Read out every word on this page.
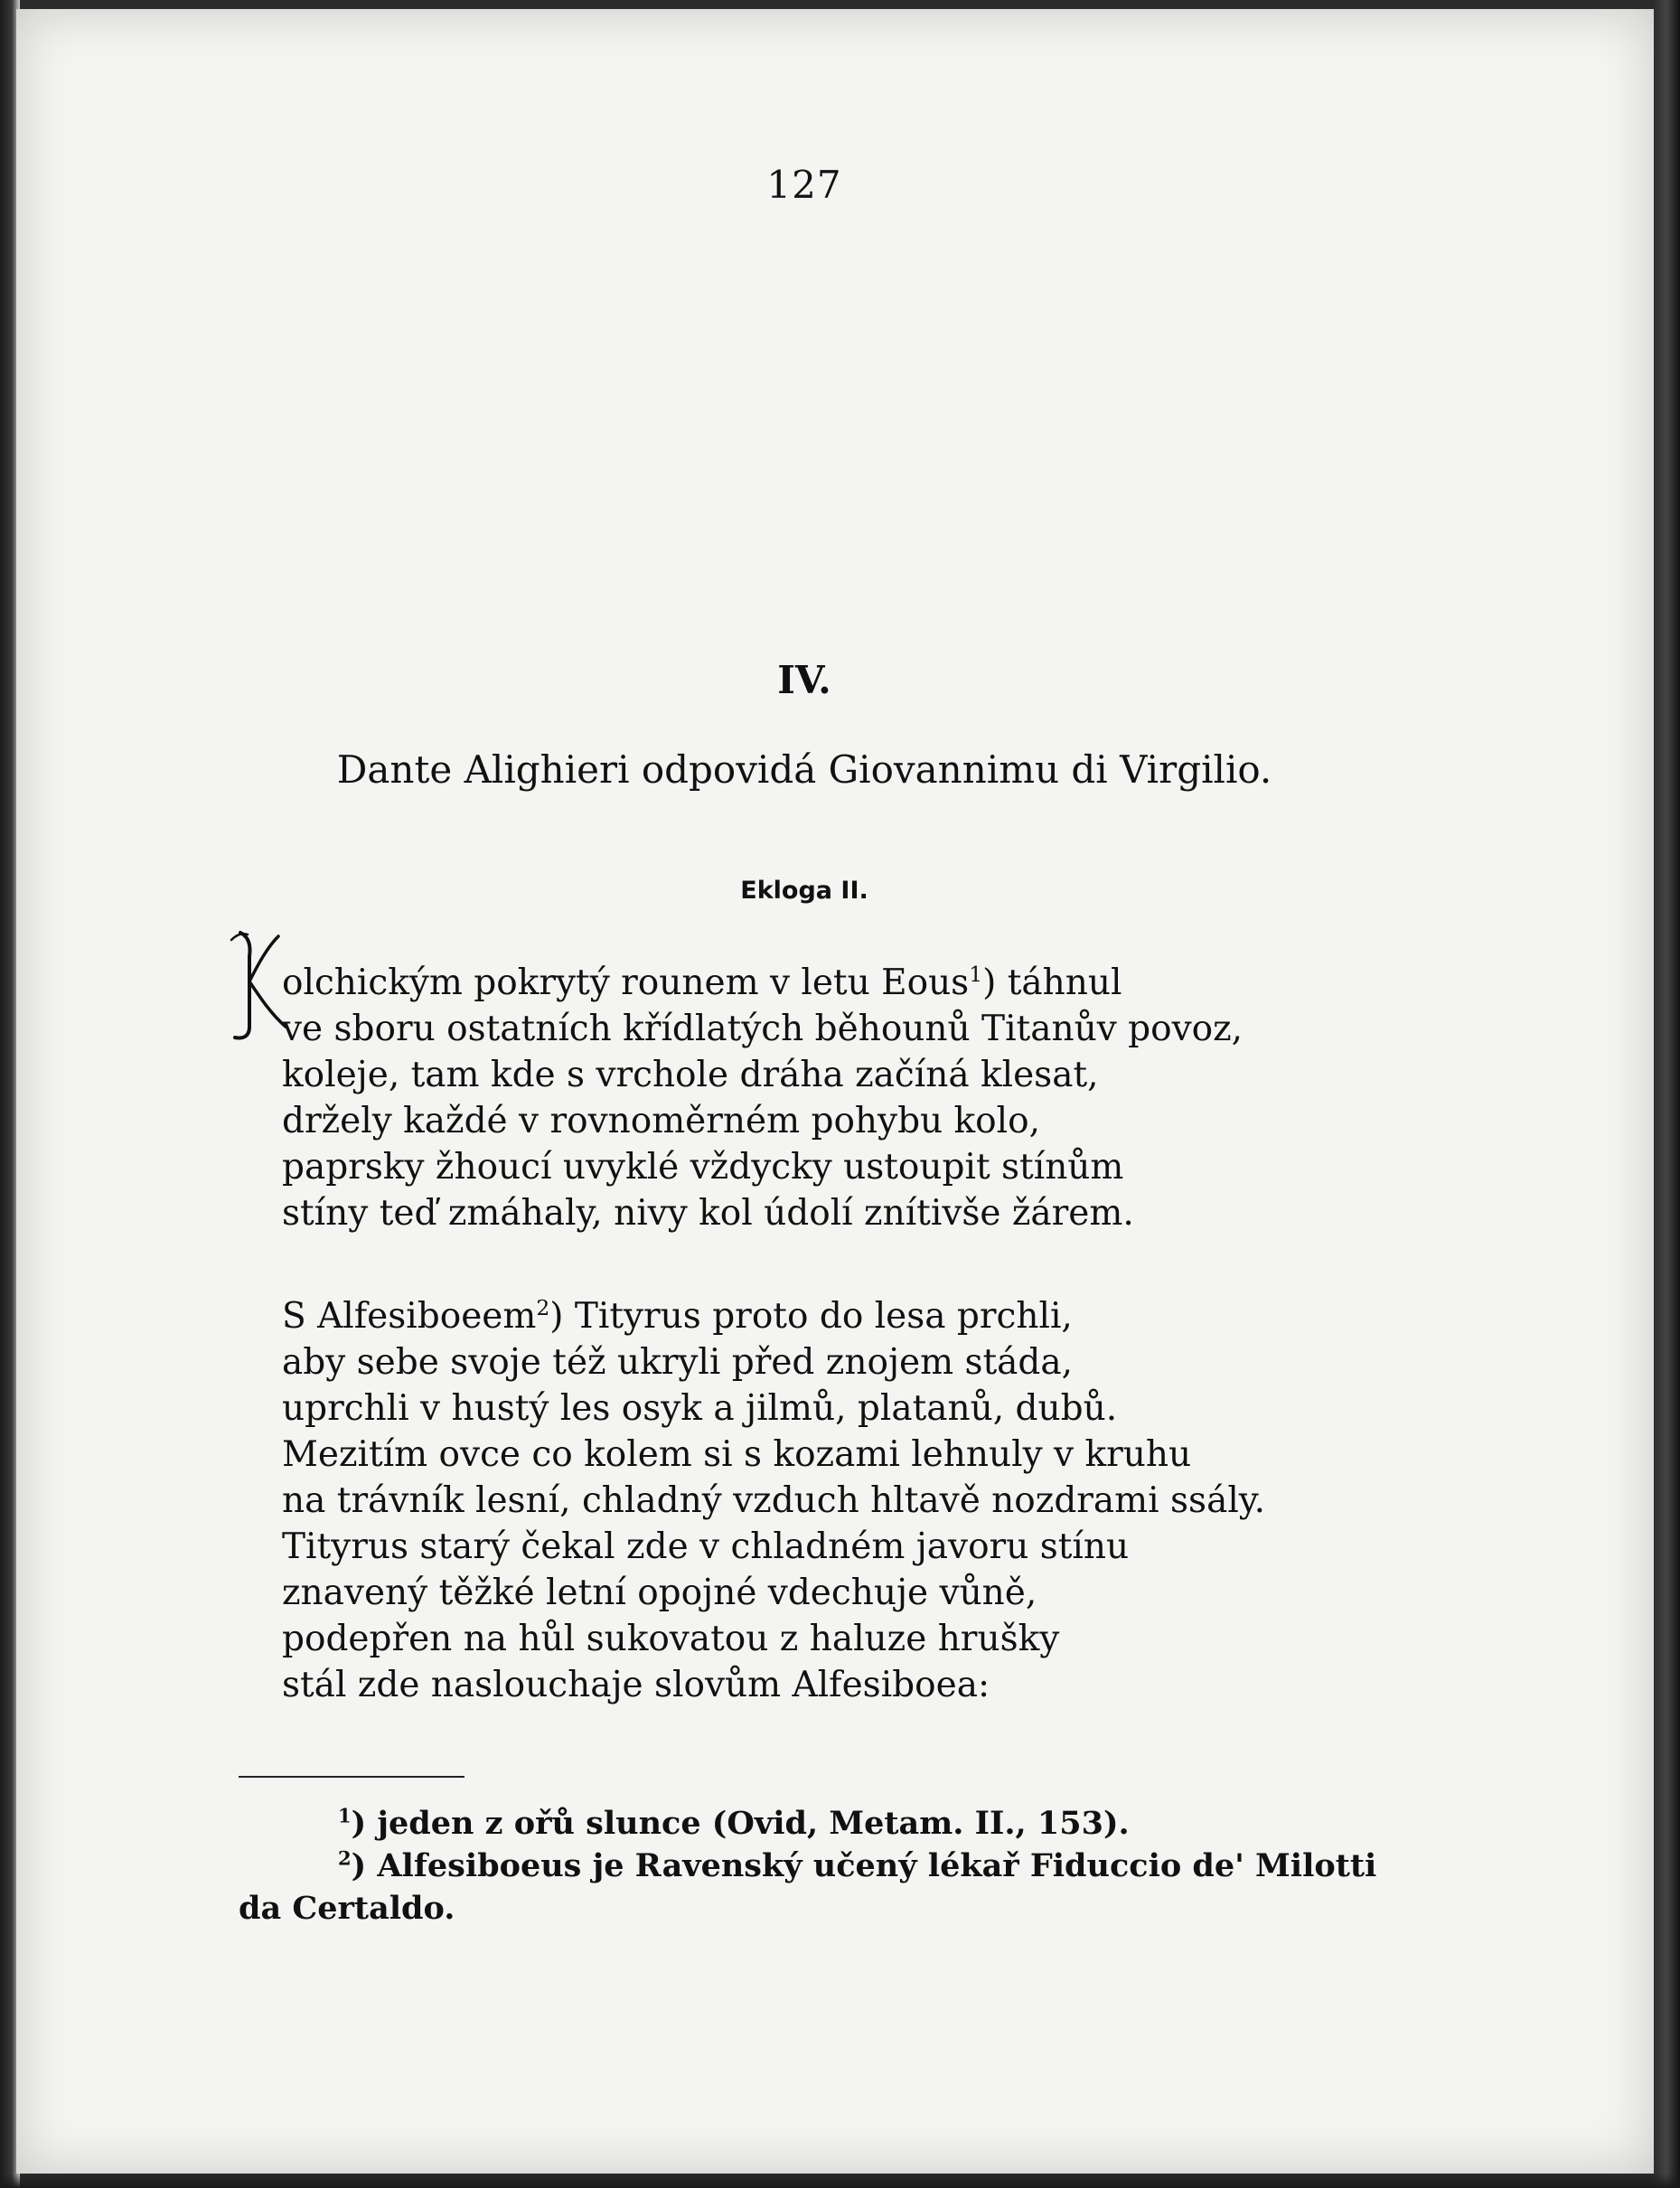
127
IV.
Dante Alighieri odpovidá Giovannimu di Virgilio.
Ekloga II.
olchickým pokrytý rounem v letu Eous$^1$) táhnul
ve sboru ostatních křídlatých běhounů Titanův povoz,
koleje, tam kde s vrchole dráha začíná klesat,
držely každé v rovnoměrném pohybu kolo,
paprsky žhoucí uvyklé vždycky ustoupit stínům
stíny teď zmáhaly, nivy kol údolí znítivše žárem.
S Alfesiboeem$^2$) Tityrus proto do lesa prchli,
aby sebe svoje též ukryli před znojem stáda,
uprchli v hustý les osyk a jilmů, platanů, dubů.
Mezitím ovce co kolem si s kozami lehnuly v kruhu
na trávník lesní, chladný vzduch hltavě nozdrami ssály.
Tityrus starý čekal zde v chladném javoru stínu
znavený těžké letní opojné vdechuje vůně,
podepřen na hůl sukovatou z haluze hrušky
stál zde naslouchaje slovům Alfesiboea:
$^1$) jeden z ořů slunce (Ovid, Metam. II., 153).
$^2$) Alfesiboeus je Ravenský učený lékař Fiduccio de' Milotti
da Certaldo.
